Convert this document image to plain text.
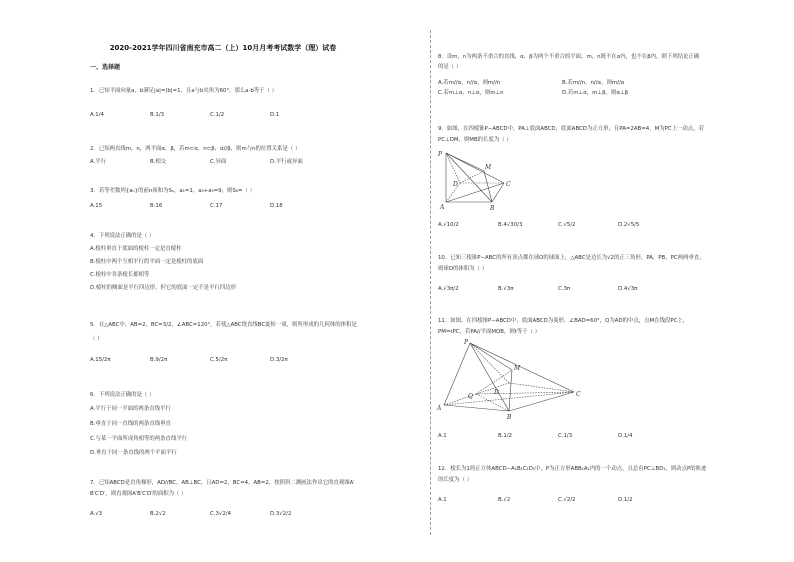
2020-2021学年四川省南充市高二（上）10月月考考试数学（理）试卷
一、选择题
1．已知平面向量a，b满足|a|=|b|=1，且a与b夹角为60°，那么a·b等于（ ）
A.1/4	B.1/3	C.1/2	D.1
2．已知两直线m，n，两平面α，β，若m⊂α，n⊂β，α//β，则m与n的位置关系是（ ）
A.平行	B.相交	C.异面	D.平行或异面
3．若等差数列{aₙ}的前n项和为Sₙ，a₁=1，a₃+a₉=9，则S₆=（ ）
A.15	B.16	C.17	D.18
4．下列说法正确的是（ ）
A.棱柱垂直于底面的棱柱一定是直棱柱
B.棱柱中两个互相平行的平面一定是棱柱的底面
C.棱柱中各条棱长都相等
D.棱柱的侧面是平行四边形，但它的底面一定不是平行四边形
5．在△ABC中，AB=2，BC=3/2，∠ABC=120°，若使△ABC绕直线BC旋转一周，则所形成的几何体的体积是
（ ）
A.15/2π	B.9/2π	C.5/2π	D.3/2π
6．下列说法正确的是（ ）
A.平行于同一平面的两条直线平行
B.垂直于同一直线的两条直线垂直
C.与某一平面所成角相等的两条直线平行
D.垂直于同一条直线的两个平面平行
7．已知ABCD是直角梯形，AD//BC，AB⊥BC，且AD=2，BC=4，AB=2，按照斜二测画法作出它的直观图A′
B′C′D′，则直观图A′B′C′D′的面积为（ ）
A.√3	B.2√2	C.3√2/4	D.3√2/2
8．设m，n为两条不重合的直线，α，β为两个不重合的平面，m，n既不在α内，也不在β内，则下列结论正确
的是（ ）
A.若m//α，n//α，则m//n	B.若m//n，n//α，则m//α
C.若m⊥α，n⊥α，则m⊥n	D.若m⊥α，m⊥β，则α⊥β
9．如图，在四棱锥P−ABCD中，PA⊥底面ABCD，底面ABCD为正方形，且PA=2AB=4，M为PC上一动点，若
PC⊥DM，则MB的长度为（ ）
P
M
D	C
A	B
A.√10/2	B.4√30/3	C.√5/2	D.2√5/5
10．已知三棱锥P−ABC的所有顶点都在球O的球面上，△ABC是边长为√2的正三角形，PA，PB，PC两两垂直，
则球O的体积为（ ）
A.√3π/2	B.√3π	C.3π	D.4√3π
11．如图，在四棱锥P−ABCD中，底面ABCD为菱形，∠BAD=60°，Q为AD的中点，点M在线段PC上，
PM=tPC，若PA//平面MQB，则t等于（ ）
P
M
Q
D
A
B
C
A.1	B.1/2	C.1/3	D.1/4
12．棱长为1的正方体ABCD−A₁B₁C₁D₁中，P为正方形ABB₁A₁内的一个动点，且总有PC⊥BD₁，则动点P的轨迹
的长度为（ ）
A.1	B.√2	C.√2/2	D.1/2
